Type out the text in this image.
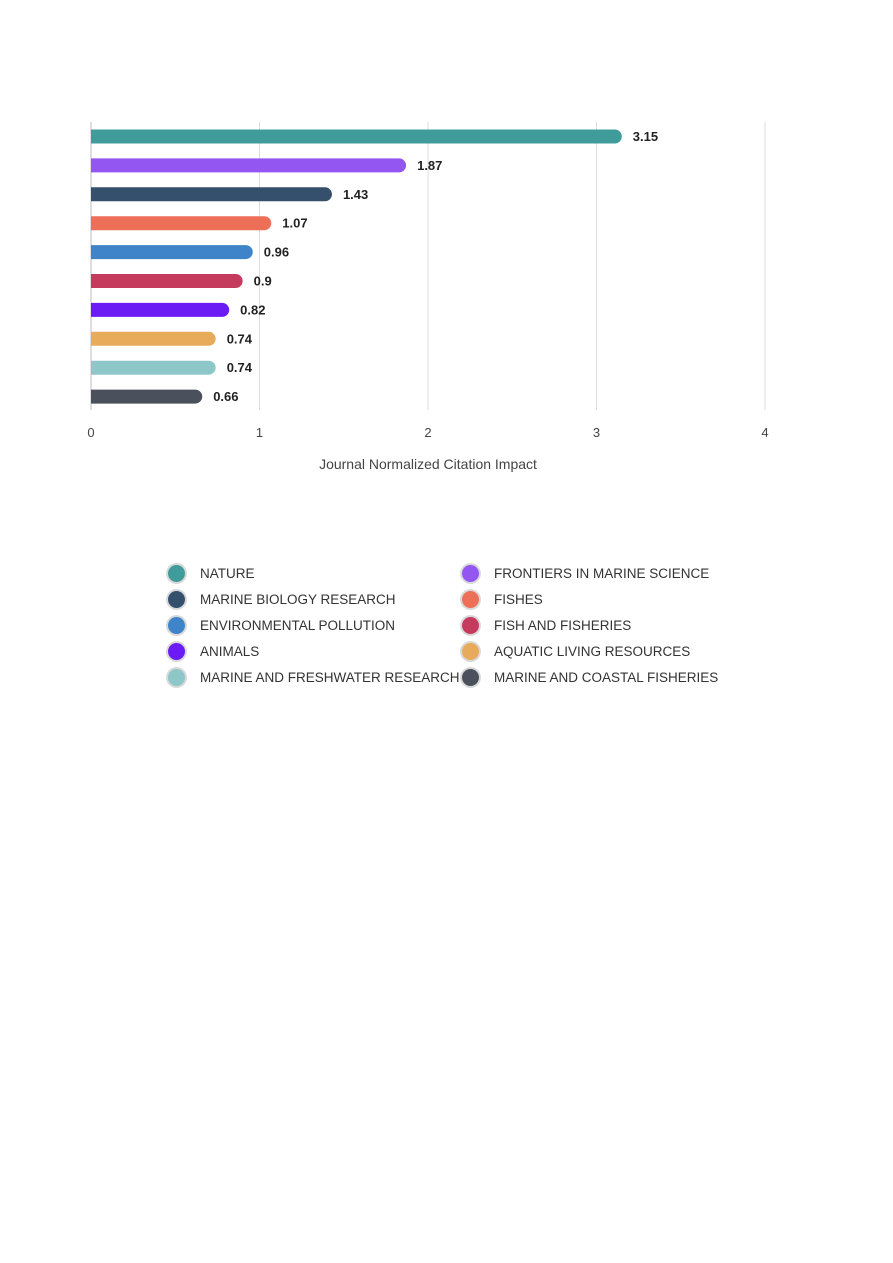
3.15
1.87
1.43
1.07
0.96
0.9
0.82
0.74
0.74
0.66
0	1	2	3	4
Journal Normalized Citation Impact
NATURE	FRONTIERS IN MARINE SCIENCE
MARINE BIOLOGY RESEARCH	FISHES
ENVIRONMENTAL POLLUTION	FISH AND FISHERIES
ANIMALS	AQUATIC LIVING RESOURCES
MARINE AND FRESHWATER RESEARCH	MARINE AND COASTAL FISHERIES
